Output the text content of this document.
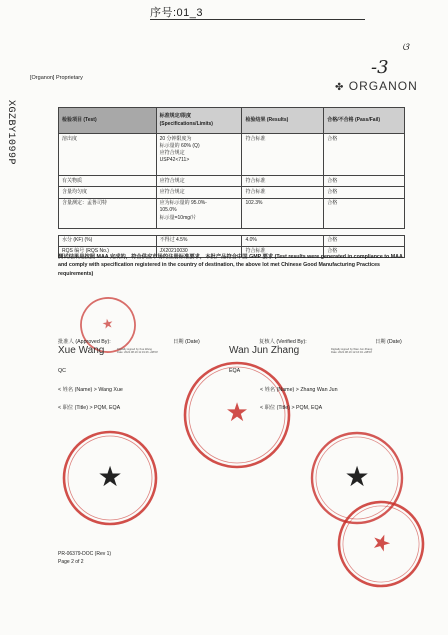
序号:01_3
ଓ
-3
XGZBY1099P
[Organon] Proprietary
✤ ORGANON
检验项目 (Test)	标准规定/限度 (Specifications/Limits)	检验结果 (Results)	合格/不合格 (Pass/Fail)
溶出度	20 分钟限度为
标示量的 60% (Q)
应符合规定
USP42<711>	符合标准	合格
有关物质	应符合规定	符合标准	合格
含量均匀度	应符合规定	符合标准	合格
含量测定：孟鲁司特	应为标示量的 95.0%-
105.0%
标示量=10mg/片	102.3%	合格

水分 (KF) (%)	不得过 4.5%	4.0%	合格
RQS 编号 (RQS No.)	JX20210030	符合标准	合格
测试结果是按照 MAA 完成的，符合供应市场的注册标准要求，本批产品符合中国 GMP 要求 (Test results were generated in compliance to MAA and comply with specification registered in the country of destination, the above lot met Chinese Good Manufacturing Practices requirements)
★
★
★	★
★
批准人 (Approved By):	日期 (Date)
Xue Wang	Digitally signed by Xue Wang
Date: 2022.08.19 11:19:26 +08'00'
QC
< 姓名 (Name) > Wang Xue
< 职位 (Title) > PQM, EQA
复核人 (Verified By):	日期 (Date)
Wan Jun Zhang	Digitally signed by Wan Jun Zhang
Date: 2022.08.19 12:16:04 +08'00'
EQA
< 姓名 (Name) > Zhang Wan Jun
< 职位 (Title) > PQM, EQA
PR-06379-DOC (Rev 1)
Page 2 of 2
